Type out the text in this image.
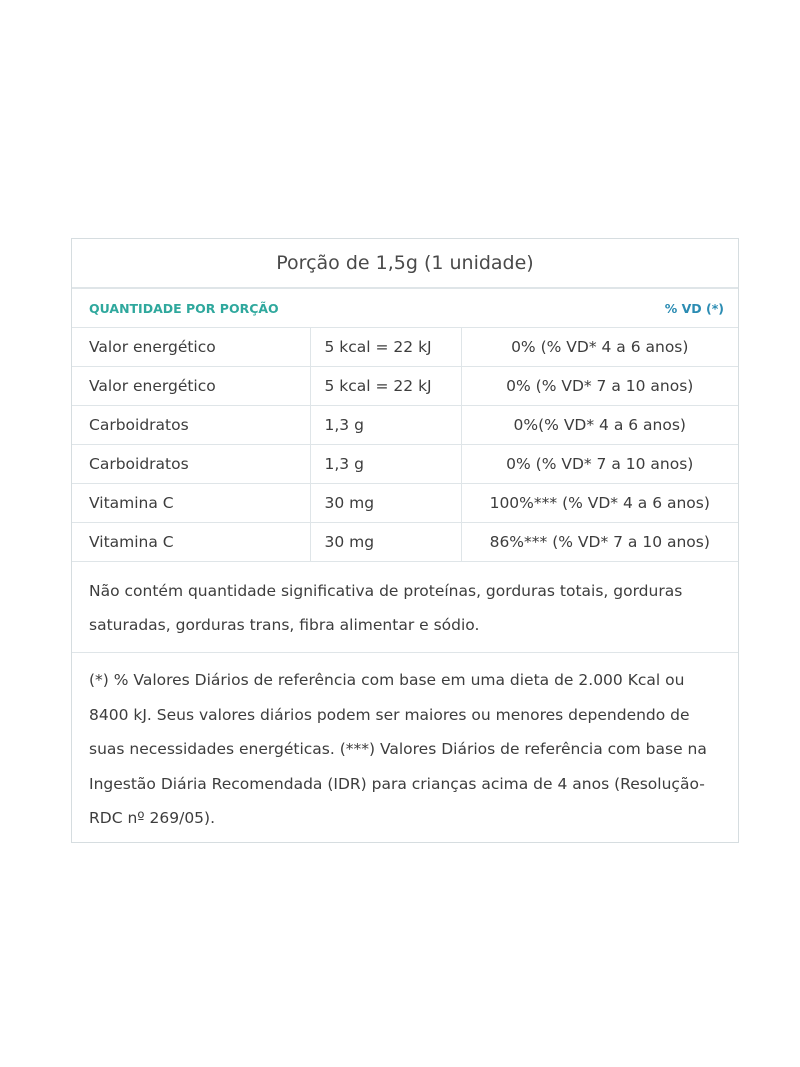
Porção de 1,5g (1 unidade)
QUANTIDADE POR PORÇÃO	% VD (*)
Valor energético	5 kcal = 22 kJ	0% (% VD* 4 a 6 anos)
Valor energético	5 kcal = 22 kJ	0% (% VD* 7 a 10 anos)
Carboidratos	1,3 g	0%(% VD* 4 a 6 anos)
Carboidratos	1,3 g	0% (% VD* 7 a 10 anos)
Vitamina C	30 mg	100%*** (% VD* 4 a 6 anos)
Vitamina C	30 mg	86%*** (% VD* 7 a 10 anos)
Não contém quantidade significativa de proteínas, gorduras totais, gorduras saturadas, gorduras trans, fibra alimentar e sódio.
(*) % Valores Diários de referência com base em uma dieta de 2.000 Kcal ou 8400 kJ. Seus valores diários podem ser maiores ou menores dependendo de suas necessidades energéticas. (***) Valores Diários de referência com base na Ingestão Diária Recomendada (IDR) para crianças acima de 4 anos (Resolução-RDC nº 269/05).
